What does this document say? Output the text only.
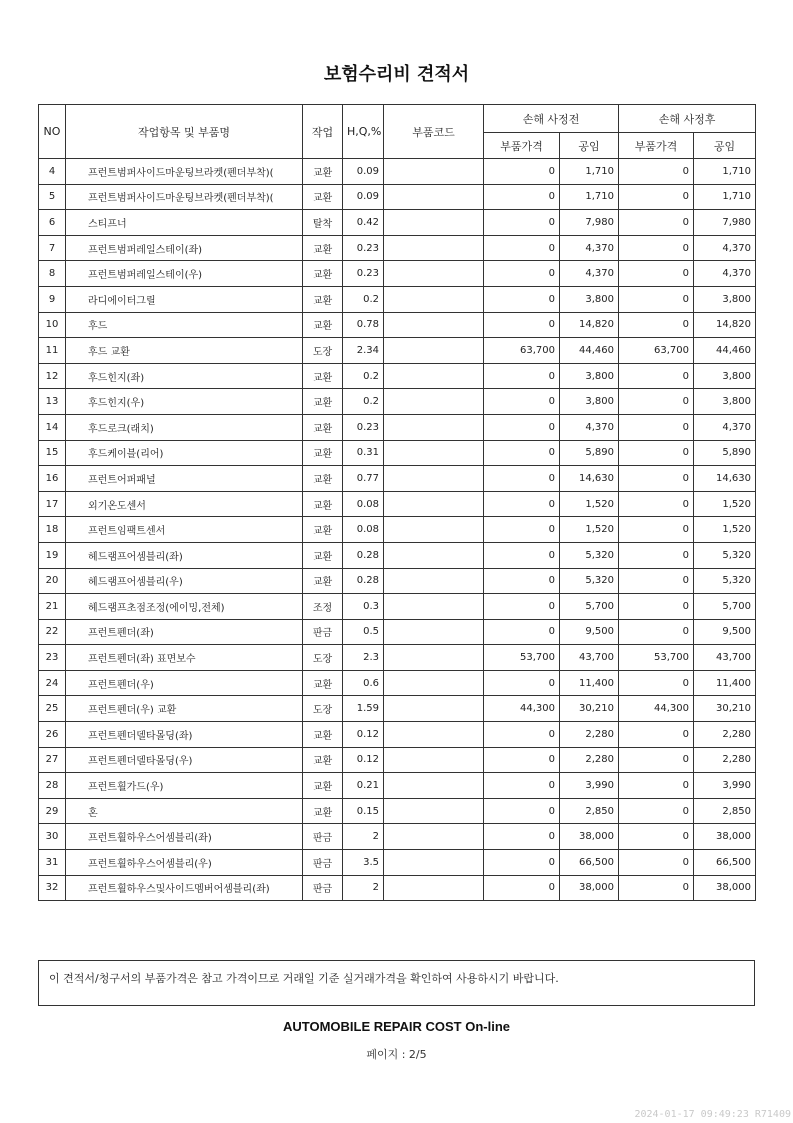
보험수리비 견적서
NO	작업항목 및 부품명	작업	H,Q,%	부품코드	손해 사정전		손해 사정후	
					부품가격	공임	부품가격	공임
4	프런트범퍼사이드마운팅브라켓(펜더부착)(	교환	0.09		0	1,710	0	1,710
5	프런트범퍼사이드마운팅브라켓(펜더부착)(	교환	0.09		0	1,710	0	1,710
6	스티프너	탈착	0.42		0	7,980	0	7,980
7	프런트범퍼레일스테이(좌)	교환	0.23		0	4,370	0	4,370
8	프런트범퍼레일스테이(우)	교환	0.23		0	4,370	0	4,370
9	라디에이터그릴	교환	0.2		0	3,800	0	3,800
10	후드	교환	0.78		0	14,820	0	14,820
11	후드 교환	도장	2.34		63,700	44,460	63,700	44,460
12	후드힌지(좌)	교환	0.2		0	3,800	0	3,800
13	후드힌지(우)	교환	0.2		0	3,800	0	3,800
14	후드로크(래치)	교환	0.23		0	4,370	0	4,370
15	후드케이블(리어)	교환	0.31		0	5,890	0	5,890
16	프런트어퍼패널	교환	0.77		0	14,630	0	14,630
17	외기온도센서	교환	0.08		0	1,520	0	1,520
18	프런트임팩트센서	교환	0.08		0	1,520	0	1,520
19	헤드램프어셈블리(좌)	교환	0.28		0	5,320	0	5,320
20	헤드램프어셈블리(우)	교환	0.28		0	5,320	0	5,320
21	헤드램프초점조정(에이밍,전체)	조정	0.3		0	5,700	0	5,700
22	프런트펜더(좌)	판금	0.5		0	9,500	0	9,500
23	프런트펜더(좌) 표면보수	도장	2.3		53,700	43,700	53,700	43,700
24	프런트펜더(우)	교환	0.6		0	11,400	0	11,400
25	프런트펜더(우) 교환	도장	1.59		44,300	30,210	44,300	30,210
26	프런트펜더델타몰딩(좌)	교환	0.12		0	2,280	0	2,280
27	프런트펜더델타몰딩(우)	교환	0.12		0	2,280	0	2,280
28	프런트휠가드(우)	교환	0.21		0	3,990	0	3,990
29	혼	교환	0.15		0	2,850	0	2,850
30	프런트휠하우스어셈블리(좌)	판금	2		0	38,000	0	38,000
31	프런트휠하우스어셈블리(우)	판금	3.5		0	66,500	0	66,500
32	프런트휠하우스및사이드멤버어셈블리(좌)	판금	2		0	38,000	0	38,000
이 견적서/청구서의 부품가격은 참고 가격이므로 거래일 기준 실거래가격을 확인하여 사용하시기 바랍니다.
AUTOMOBILE REPAIR COST On-line
페이지 : 2/5
2024-01-17 09:49:23 R71409
